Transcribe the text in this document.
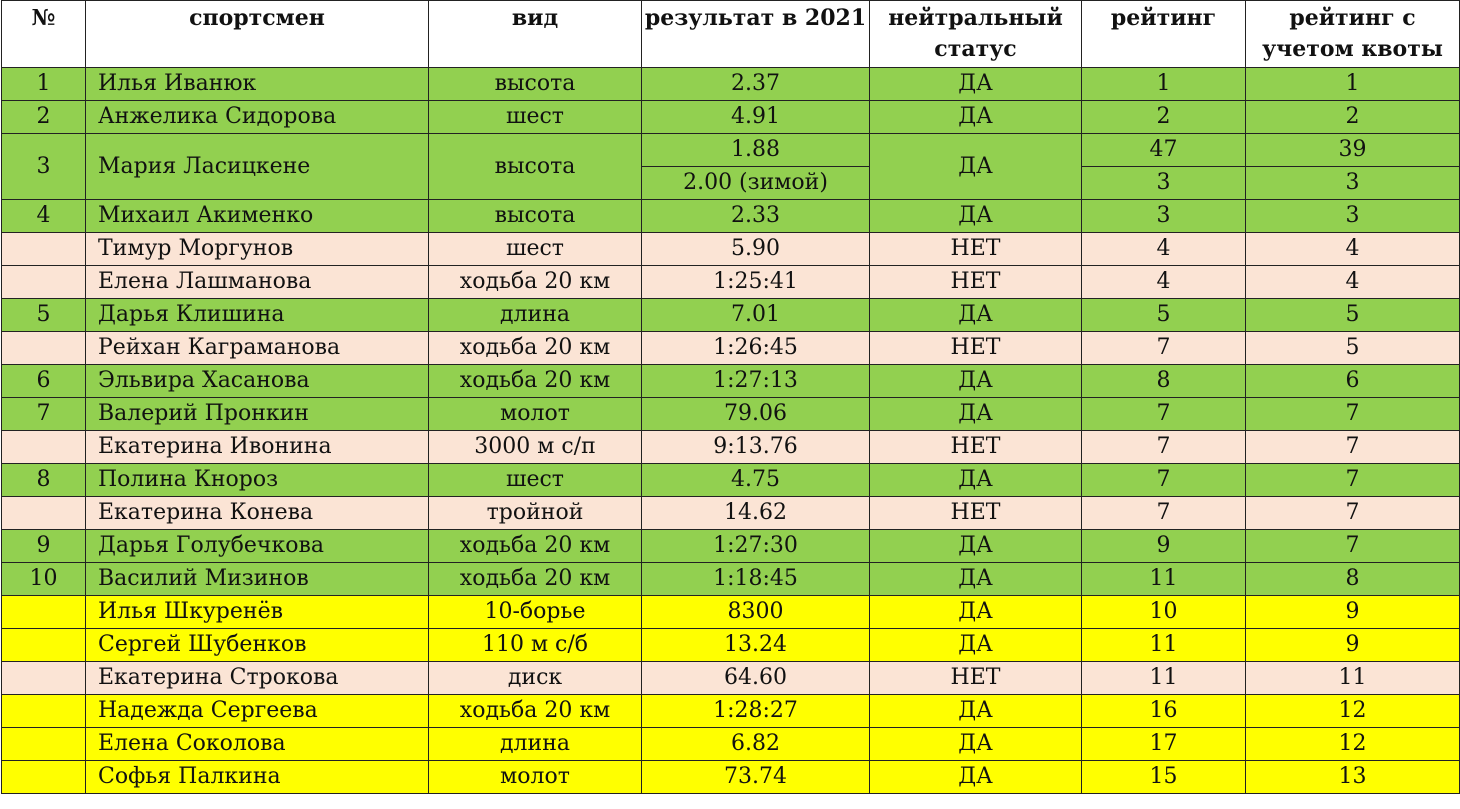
№	спортсмен	вид	результат в 2021	нейтральный статус	рейтинг	рейтинг с учетом квоты
1	Илья Иванюк	высота	2.37	ДА	1	1
2	Анжелика Сидорова	шест	4.91	ДА	2	2
3	Мария Ласицкене	высота	1.88	ДА	47	39
			2.00 (зимой)		3	3
4	Михаил Акименко	высота	2.33	ДА	3	3
	Тимур Моргунов	шест	5.90	НЕТ	4	4
	Елена Лашманова	ходьба 20 км	1:25:41	НЕТ	4	4
5	Дарья Клишина	длина	7.01	ДА	5	5
	Рейхан Каграманова	ходьба 20 км	1:26:45	НЕТ	7	5
6	Эльвира Хасанова	ходьба 20 км	1:27:13	ДА	8	6
7	Валерий Пронкин	молот	79.06	ДА	7	7
	Екатерина Ивонина	3000 м с/п	9:13.76	НЕТ	7	7
8	Полина Кнороз	шест	4.75	ДА	7	7
	Екатерина Конева	тройной	14.62	НЕТ	7	7
9	Дарья Голубечкова	ходьба 20 км	1:27:30	ДА	9	7
10	Василий Мизинов	ходьба 20 км	1:18:45	ДА	11	8
	Илья Шкуренёв	10-борье	8300	ДА	10	9
	Сергей Шубенков	110 м с/б	13.24	ДА	11	9
	Екатерина Строкова	диск	64.60	НЕТ	11	11
	Надежда Сергеева	ходьба 20 км	1:28:27	ДА	16	12
	Елена Соколова	длина	6.82	ДА	17	12
	Софья Палкина	молот	73.74	ДА	15	13
